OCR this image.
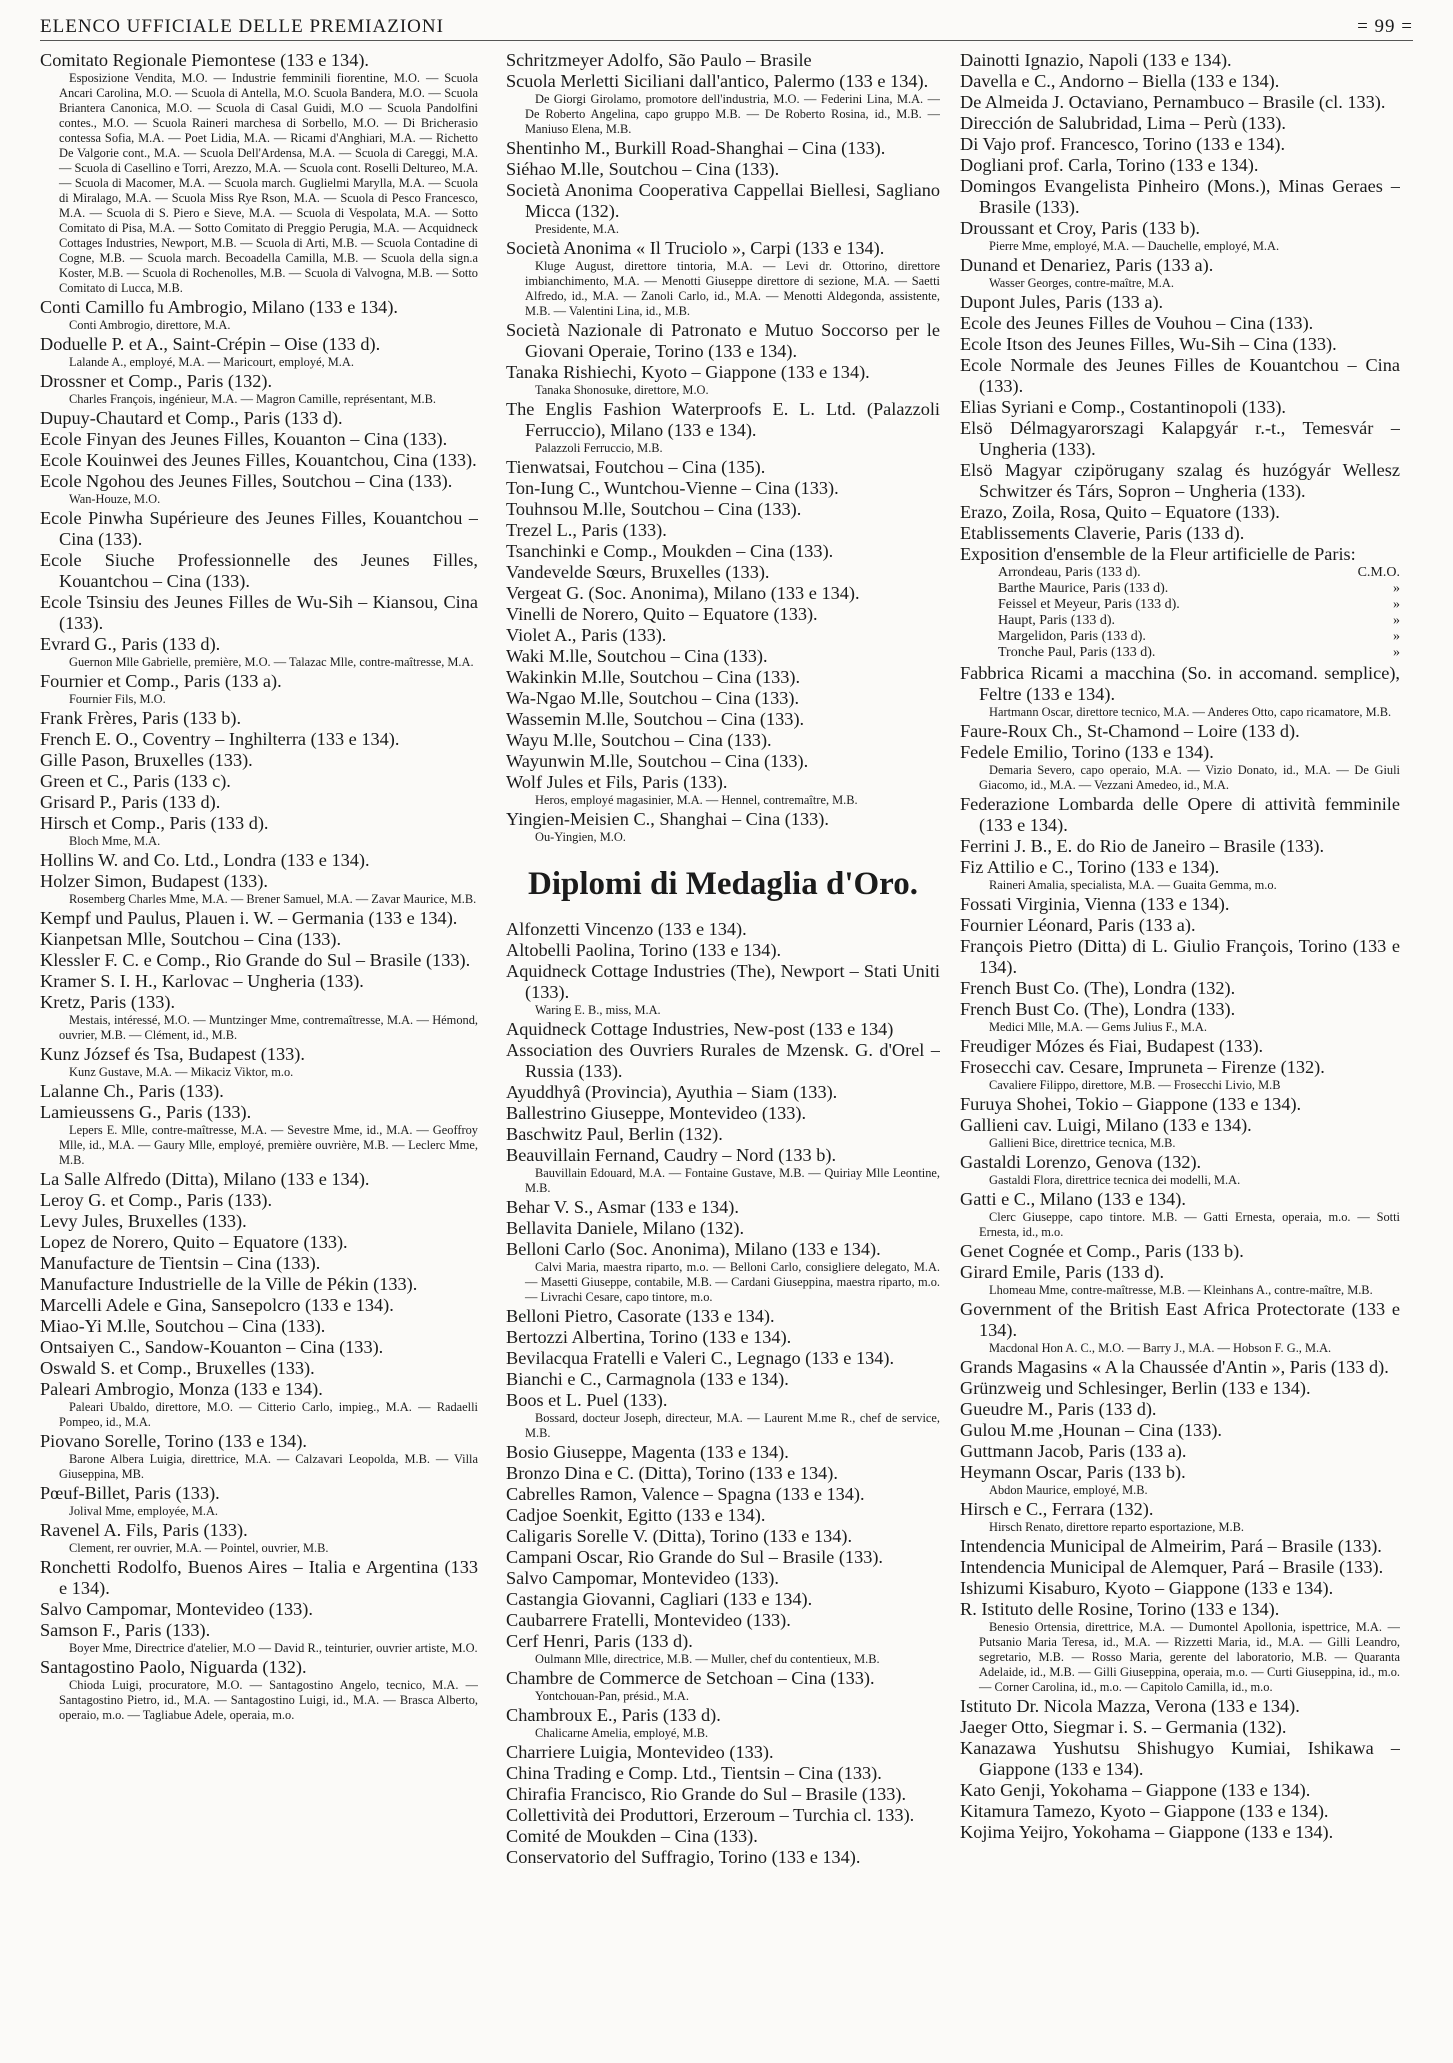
ELENCO UFFICIALE DELLE PREMIAZIONI	= 99 =

Comitato Regionale Piemontese (133 e 134).

Esposizione Vendita, M.O. — Industrie femminili fiorentine, M.O. — Scuola Ancari Carolina, M.O. — Scuola di Antella, M.O. Scuola Bandera, M.O. — Scuola Briantera Canonica, M.O. — Scuola di Casal Guidi, M.O — Scuola Pandolfini contes., M.O. — Scuola Raineri marchesa di Sorbello, M.O. — Di Bricherasio contessa Sofia, M.A. — Poet Lidia, M.A. — Ricami d'Anghiari, M.A. — Richetto De Valgorie cont., M.A. — Scuola Dell'Ardensa, M.A. — Scuola di Careggi, M.A. — Scuola di Casellino e Torri, Arezzo, M.A. — Scuola cont. Roselli Deltureo, M.A. — Scuola di Macomer, M.A. — Scuola march. Guglielmi Marylla, M.A. — Scuola di Miralago, M.A. — Scuola Miss Rye Rson, M.A. — Scuola di Pesco Francesco, M.A. — Scuola di S. Piero e Sieve, M.A. — Scuola di Vespolata, M.A. — Sotto Comitato di Pisa, M.A. — Sotto Comitato di Preggio Perugia, M.A. — Acquidneck Cottages Industries, Newport, M.B. — Scuola di Arti, M.B. — Scuola Contadine di Cogne, M.B. — Scuola march. Becoadella Camilla, M.B. — Scuola della sign.a Koster, M.B. — Scuola di Rochenolles, M.B. — Scuola di Valvogna, M.B. — Sotto Comitato di Lucca, M.B.

Conti Camillo fu Ambrogio, Milano (133 e 134).

Conti Ambrogio, direttore, M.A.

Doduelle P. et A., Saint-Crépin – Oise (133 d).

Lalande A., employé, M.A. — Maricourt, employé, M.A.

Drossner et Comp., Paris (132).

Charles François, ingénieur, M.A. — Magron Camille, représentant, M.B.

Dupuy-Chautard et Comp., Paris (133 d).

Ecole Finyan des Jeunes Filles, Kouanton – Cina (133).

Ecole Kouinwei des Jeunes Filles, Kouantchou, Cina (133).

Ecole Ngohou des Jeunes Filles, Soutchou – Cina (133).

Wan-Houze, M.O.

Ecole Pinwha Supérieure des Jeunes Filles, Kouantchou – Cina (133).

Ecole Siuche Professionnelle des Jeunes Filles, Kouantchou – Cina (133).

Ecole Tsinsiu des Jeunes Filles de Wu-Sih – Kiansou, Cina (133).

Evrard G., Paris (133 d).

Guernon Mlle Gabrielle, première, M.O. — Talazac Mlle, contre-maîtresse, M.A.

Fournier et Comp., Paris (133 a).

Fournier Fils, M.O.

Frank Frères, Paris (133 b).

French E. O., Coventry – Inghilterra (133 e 134).

Gille Pason, Bruxelles (133).

Green et C., Paris (133 c).

Grisard P., Paris (133 d).

Hirsch et Comp., Paris (133 d).

Bloch Mme, M.A.

Hollins W. and Co. Ltd., Londra (133 e 134).

Holzer Simon, Budapest (133).

Rosemberg Charles Mme, M.A. — Brener Samuel, M.A. — Zavar Maurice, M.B.

Kempf und Paulus, Plauen i. W. – Germania (133 e 134).

Kianpetsan Mlle, Soutchou – Cina (133).

Klessler F. C. e Comp., Rio Grande do Sul – Brasile (133).

Kramer S. I. H., Karlovac – Ungheria (133).

Kretz, Paris (133).

Mestais, intéressé, M.O. — Muntzinger Mme, contremaîtresse, M.A. — Hémond, ouvrier, M.B. — Clément, id., M.B.

Kunz József és Tsa, Budapest (133).

Kunz Gustave, M.A. — Mikaciz Viktor, m.o.

Lalanne Ch., Paris (133).

Lamieussens G., Paris (133).

Lepers E. Mlle, contre-maîtresse, M.A. — Sevestre Mme, id., M.A. — Geoffroy Mlle, id., M.A. — Gaury Mlle, employé, première ouvrière, M.B. — Leclerc Mme, M.B.

La Salle Alfredo (Ditta), Milano (133 e 134).

Leroy G. et Comp., Paris (133).

Levy Jules, Bruxelles (133).

Lopez de Norero, Quito – Equatore (133).

Manufacture de Tientsin – Cina (133).

Manufacture Industrielle de la Ville de Pékin (133).

Marcelli Adele e Gina, Sansepolcro (133 e 134).

Miao-Yi M.lle, Soutchou – Cina (133).

Ontsaiyen C., Sandow-Kouanton – Cina (133).

Oswald S. et Comp., Bruxelles (133).

Paleari Ambrogio, Monza (133 e 134).

Paleari Ubaldo, direttore, M.O. — Citterio Carlo, impieg., M.A. — Radaelli Pompeo, id., M.A.

Piovano Sorelle, Torino (133 e 134).

Barone Albera Luigia, direttrice, M.A. — Calzavari Leopolda, M.B. — Villa Giuseppina, MB.

Pœuf-Billet, Paris (133).

Jolival Mme, employée, M.A.

Ravenel A. Fils, Paris (133).

Clement, rer ouvrier, M.A. — Pointel, ouvrier, M.B.

Ronchetti Rodolfo, Buenos Aires – Italia e Argentina (133 e 134).

Salvo Campomar, Montevideo (133).

Samson F., Paris (133).

Boyer Mme, Directrice d'atelier, M.O — David R., teinturier, ouvrier artiste, M.O.

Santagostino Paolo, Niguarda (132).

Chioda Luigi, procuratore, M.O. — Santagostino Angelo, tecnico, M.A. — Santagostino Pietro, id., M.A. — Santagostino Luigi, id., M.A. — Brasca Alberto, operaio, m.o. — Tagliabue Adele, operaia, m.o.

Schritzmeyer Adolfo, São Paulo – Brasile

Scuola Merletti Siciliani dall'antico, Palermo (133 e 134).

De Giorgi Girolamo, promotore dell'industria, M.O. — Federini Lina, M.A. — De Roberto Angelina, capo gruppo M.B. — De Roberto Rosina, id., M.B. — Maniuso Elena, M.B.

Shentinho M., Burkill Road-Shanghai – Cina (133).

Siéhao M.lle, Soutchou – Cina (133).

Società Anonima Cooperativa Cappellai Biellesi, Sagliano Micca (132).

Presidente, M.A.

Società Anonima « Il Truciolo », Carpi (133 e 134).

Kluge August, direttore tintoria, M.A. — Levi dr. Ottorino, direttore imbianchimento, M.A. — Menotti Giuseppe direttore di sezione, M.A. — Saetti Alfredo, id., M.A. — Zanoli Carlo, id., M.A. — Menotti Aldegonda, assistente, M.B. — Valentini Lina, id., M.B.

Società Nazionale di Patronato e Mutuo Soccorso per le Giovani Operaie, Torino (133 e 134).

Tanaka Rishiechi, Kyoto – Giappone (133 e 134).

Tanaka Shonosuke, direttore, M.O.

The Englis Fashion Waterproofs E. L. Ltd. (Palazzoli Ferruccio), Milano (133 e 134).

Palazzoli Ferruccio, M.B.

Tienwatsai, Foutchou – Cina (135).

Ton-Iung C., Wuntchou-Vienne – Cina (133).

Touhnsou M.lle, Soutchou – Cina (133).

Trezel L., Paris (133).

Tsanchinki e Comp., Moukden – Cina (133).

Vandevelde Sœurs, Bruxelles (133).

Vergeat G. (Soc. Anonima), Milano (133 e 134).

Vinelli de Norero, Quito – Equatore (133).

Violet A., Paris (133).

Waki M.lle, Soutchou – Cina (133).

Wakinkin M.lle, Soutchou – Cina (133).

Wa-Ngao M.lle, Soutchou – Cina (133).

Wassemin M.lle, Soutchou – Cina (133).

Wayu M.lle, Soutchou – Cina (133).

Wayunwin M.lle, Soutchou – Cina (133).

Wolf Jules et Fils, Paris (133).

Heros, employé magasinier, M.A. — Hennel, contremaître, M.B.

Yingien-Meisien C., Shanghai – Cina (133).

Ou-Yingien, M.O.

Diplomi di Medaglia d'Oro.

Alfonzetti Vincenzo (133 e 134).

Altobelli Paolina, Torino (133 e 134).

Aquidneck Cottage Industries (The), Newport – Stati Uniti (133).

Waring E. B., miss, M.A.

Aquidneck Cottage Industries, New-post (133 e 134)

Association des Ouvriers Rurales de Mzensk. G. d'Orel – Russia (133).

Ayuddhyâ (Provincia), Ayuthia – Siam (133).

Ballestrino Giuseppe, Montevideo (133).

Baschwitz Paul, Berlin (132).

Beauvillain Fernand, Caudry – Nord (133 b).

Bauvillain Edouard, M.A. — Fontaine Gustave, M.B. — Quiriay Mlle Leontine, M.B.

Behar V. S., Asmar (133 e 134).

Bellavita Daniele, Milano (132).

Belloni Carlo (Soc. Anonima), Milano (133 e 134).

Calvi Maria, maestra riparto, m.o. — Belloni Carlo, consigliere delegato, M.A. — Masetti Giuseppe, contabile, M.B. — Cardani Giuseppina, maestra riparto, m.o. — Livrachi Cesare, capo tintore, m.o.

Belloni Pietro, Casorate (133 e 134).

Bertozzi Albertina, Torino (133 e 134).

Bevilacqua Fratelli e Valeri C., Legnago (133 e 134).

Bianchi e C., Carmagnola (133 e 134).

Boos et L. Puel (133).

Bossard, docteur Joseph, directeur, M.A. — Laurent M.me R., chef de service, M.B.

Bosio Giuseppe, Magenta (133 e 134).

Bronzo Dina e C. (Ditta), Torino (133 e 134).

Cabrelles Ramon, Valence – Spagna (133 e 134).

Cadjoe Soenkit, Egitto (133 e 134).

Caligaris Sorelle V. (Ditta), Torino (133 e 134).

Campani Oscar, Rio Grande do Sul – Brasile (133).

Salvo Campomar, Montevideo (133).

Castangia Giovanni, Cagliari (133 e 134).

Caubarrere Fratelli, Montevideo (133).

Cerf Henri, Paris (133 d).

Oulmann Mlle, directrice, M.B. — Muller, chef du contentieux, M.B.

Chambre de Commerce de Setchoan – Cina (133).

Yontchouan-Pan, présid., M.A.

Chambroux E., Paris (133 d).

Chalicarne Amelia, employé, M.B.

Charriere Luigia, Montevideo (133).

China Trading e Comp. Ltd., Tientsin – Cina (133).

Chirafia Francisco, Rio Grande do Sul – Brasile (133).

Collettività dei Produttori, Erzeroum – Turchia cl. 133).

Comité de Moukden – Cina (133).

Conservatorio del Suffragio, Torino (133 e 134).

Dainotti Ignazio, Napoli (133 e 134).

Davella e C., Andorno – Biella (133 e 134).

De Almeida J. Octaviano, Pernambuco – Brasile (cl. 133).

Dirección de Salubridad, Lima – Perù (133).

Di Vajo prof. Francesco, Torino (133 e 134).

Dogliani prof. Carla, Torino (133 e 134).

Domingos Evangelista Pinheiro (Mons.), Minas Geraes – Brasile (133).

Droussant et Croy, Paris (133 b).

Pierre Mme, employé, M.A. — Dauchelle, employé, M.A.

Dunand et Denariez, Paris (133 a).

Wasser Georges, contre-maître, M.A.

Dupont Jules, Paris (133 a).

Ecole des Jeunes Filles de Vouhou – Cina (133).

Ecole Itson des Jeunes Filles, Wu-Sih – Cina (133).

Ecole Normale des Jeunes Filles de Kouantchou – Cina (133).

Elias Syriani e Comp., Costantinopoli (133).

Elsö Délmagyarorszagi Kalapgyár r.-t., Temesvár – Ungheria (133).

Elsö Magyar czipörugany szalag és huzógyár Wellesz Schwitzer és Társ, Sopron – Ungheria (133).

Erazo, Zoila, Rosa, Quito – Equatore (133).

Etablissements Claverie, Paris (133 d).

Exposition d'ensemble de la Fleur artificielle de Paris:

Arrondeau, Paris (133 d).	C.M.O.
Barthe Maurice, Paris (133 d).	»
Feissel et Meyeur, Paris (133 d).	»
Haupt, Paris (133 d).	»
Margelidon, Paris (133 d).	»
Tronche Paul, Paris (133 d).	»

Fabbrica Ricami a macchina (So. in accomand. semplice), Feltre (133 e 134).

Hartmann Oscar, direttore tecnico, M.A. — Anderes Otto, capo ricamatore, M.B.

Faure-Roux Ch., St-Chamond – Loire (133 d).

Fedele Emilio, Torino (133 e 134).

Demaria Severo, capo operaio, M.A. — Vizio Donato, id., M.A. — De Giuli Giacomo, id., M.A. — Vezzani Amedeo, id., M.A.

Federazione Lombarda delle Opere di attività femminile (133 e 134).

Ferrini J. B., E. do Rio de Janeiro – Brasile (133).

Fiz Attilio e C., Torino (133 e 134).

Raineri Amalia, specialista, M.A. — Guaita Gemma, m.o.

Fossati Virginia, Vienna (133 e 134).

Fournier Léonard, Paris (133 a).

François Pietro (Ditta) di L. Giulio François, Torino (133 e 134).

French Bust Co. (The), Londra (132).

French Bust Co. (The), Londra (133).

Medici Mlle, M.A. — Gems Julius F., M.A.

Freudiger Mózes és Fiai, Budapest (133).

Frosecchi cav. Cesare, Impruneta – Firenze (132).

Cavaliere Filippo, direttore, M.B. — Frosecchi Livio, M.B

Furuya Shohei, Tokio – Giappone (133 e 134).

Gallieni cav. Luigi, Milano (133 e 134).

Gallieni Bice, direttrice tecnica, M.B.

Gastaldi Lorenzo, Genova (132).

Gastaldi Flora, direttrice tecnica dei modelli, M.A.

Gatti e C., Milano (133 e 134).

Clerc Giuseppe, capo tintore. M.B. — Gatti Ernesta, operaia, m.o. — Sotti Ernesta, id., m.o.

Genet Cognée et Comp., Paris (133 b).

Girard Emile, Paris (133 d).

Lhomeau Mme, contre-maîtresse, M.B. — Kleinhans A., contre-maître, M.B.

Government of the British East Africa Protectorate (133 e 134).

Macdonal Hon A. C., M.O. — Barry J., M.A. — Hobson F. G., M.A.

Grands Magasins « A la Chaussée d'Antin », Paris (133 d).

Grünzweig und Schlesinger, Berlin (133 e 134).

Gueudre M., Paris (133 d).

Gulou M.me ,Hounan – Cina (133).

Guttmann Jacob, Paris (133 a).

Heymann Oscar, Paris (133 b).

Abdon Maurice, employé, M.B.

Hirsch e C., Ferrara (132).

Hirsch Renato, direttore reparto esportazione, M.B.

Intendencia Municipal de Almeirim, Pará – Brasile (133).

Intendencia Municipal de Alemquer, Pará – Brasile (133).

Ishizumi Kisaburo, Kyoto – Giappone (133 e 134).

R. Istituto delle Rosine, Torino (133 e 134).

Benesio Ortensia, direttrice, M.A. — Dumontel Apollonia, ispettrice, M.A. — Putsanio Maria Teresa, id., M.A. — Rizzetti Maria, id., M.A. — Gilli Leandro, segretario, M.B. — Rosso Maria, gerente del laboratorio, M.B. — Quaranta Adelaide, id., M.B. — Gilli Giuseppina, operaia, m.o. — Curti Giuseppina, id., m.o. — Corner Carolina, id., m.o. — Capitolo Camilla, id., m.o.

Istituto Dr. Nicola Mazza, Verona (133 e 134).

Jaeger Otto, Siegmar i. S. – Germania (132).

Kanazawa Yushutsu Shishugyo Kumiai, Ishikawa – Giappone (133 e 134).

Kato Genji, Yokohama – Giappone (133 e 134).

Kitamura Tamezo, Kyoto – Giappone (133 e 134).

Kojima Yeijro, Yokohama – Giappone (133 e 134).
